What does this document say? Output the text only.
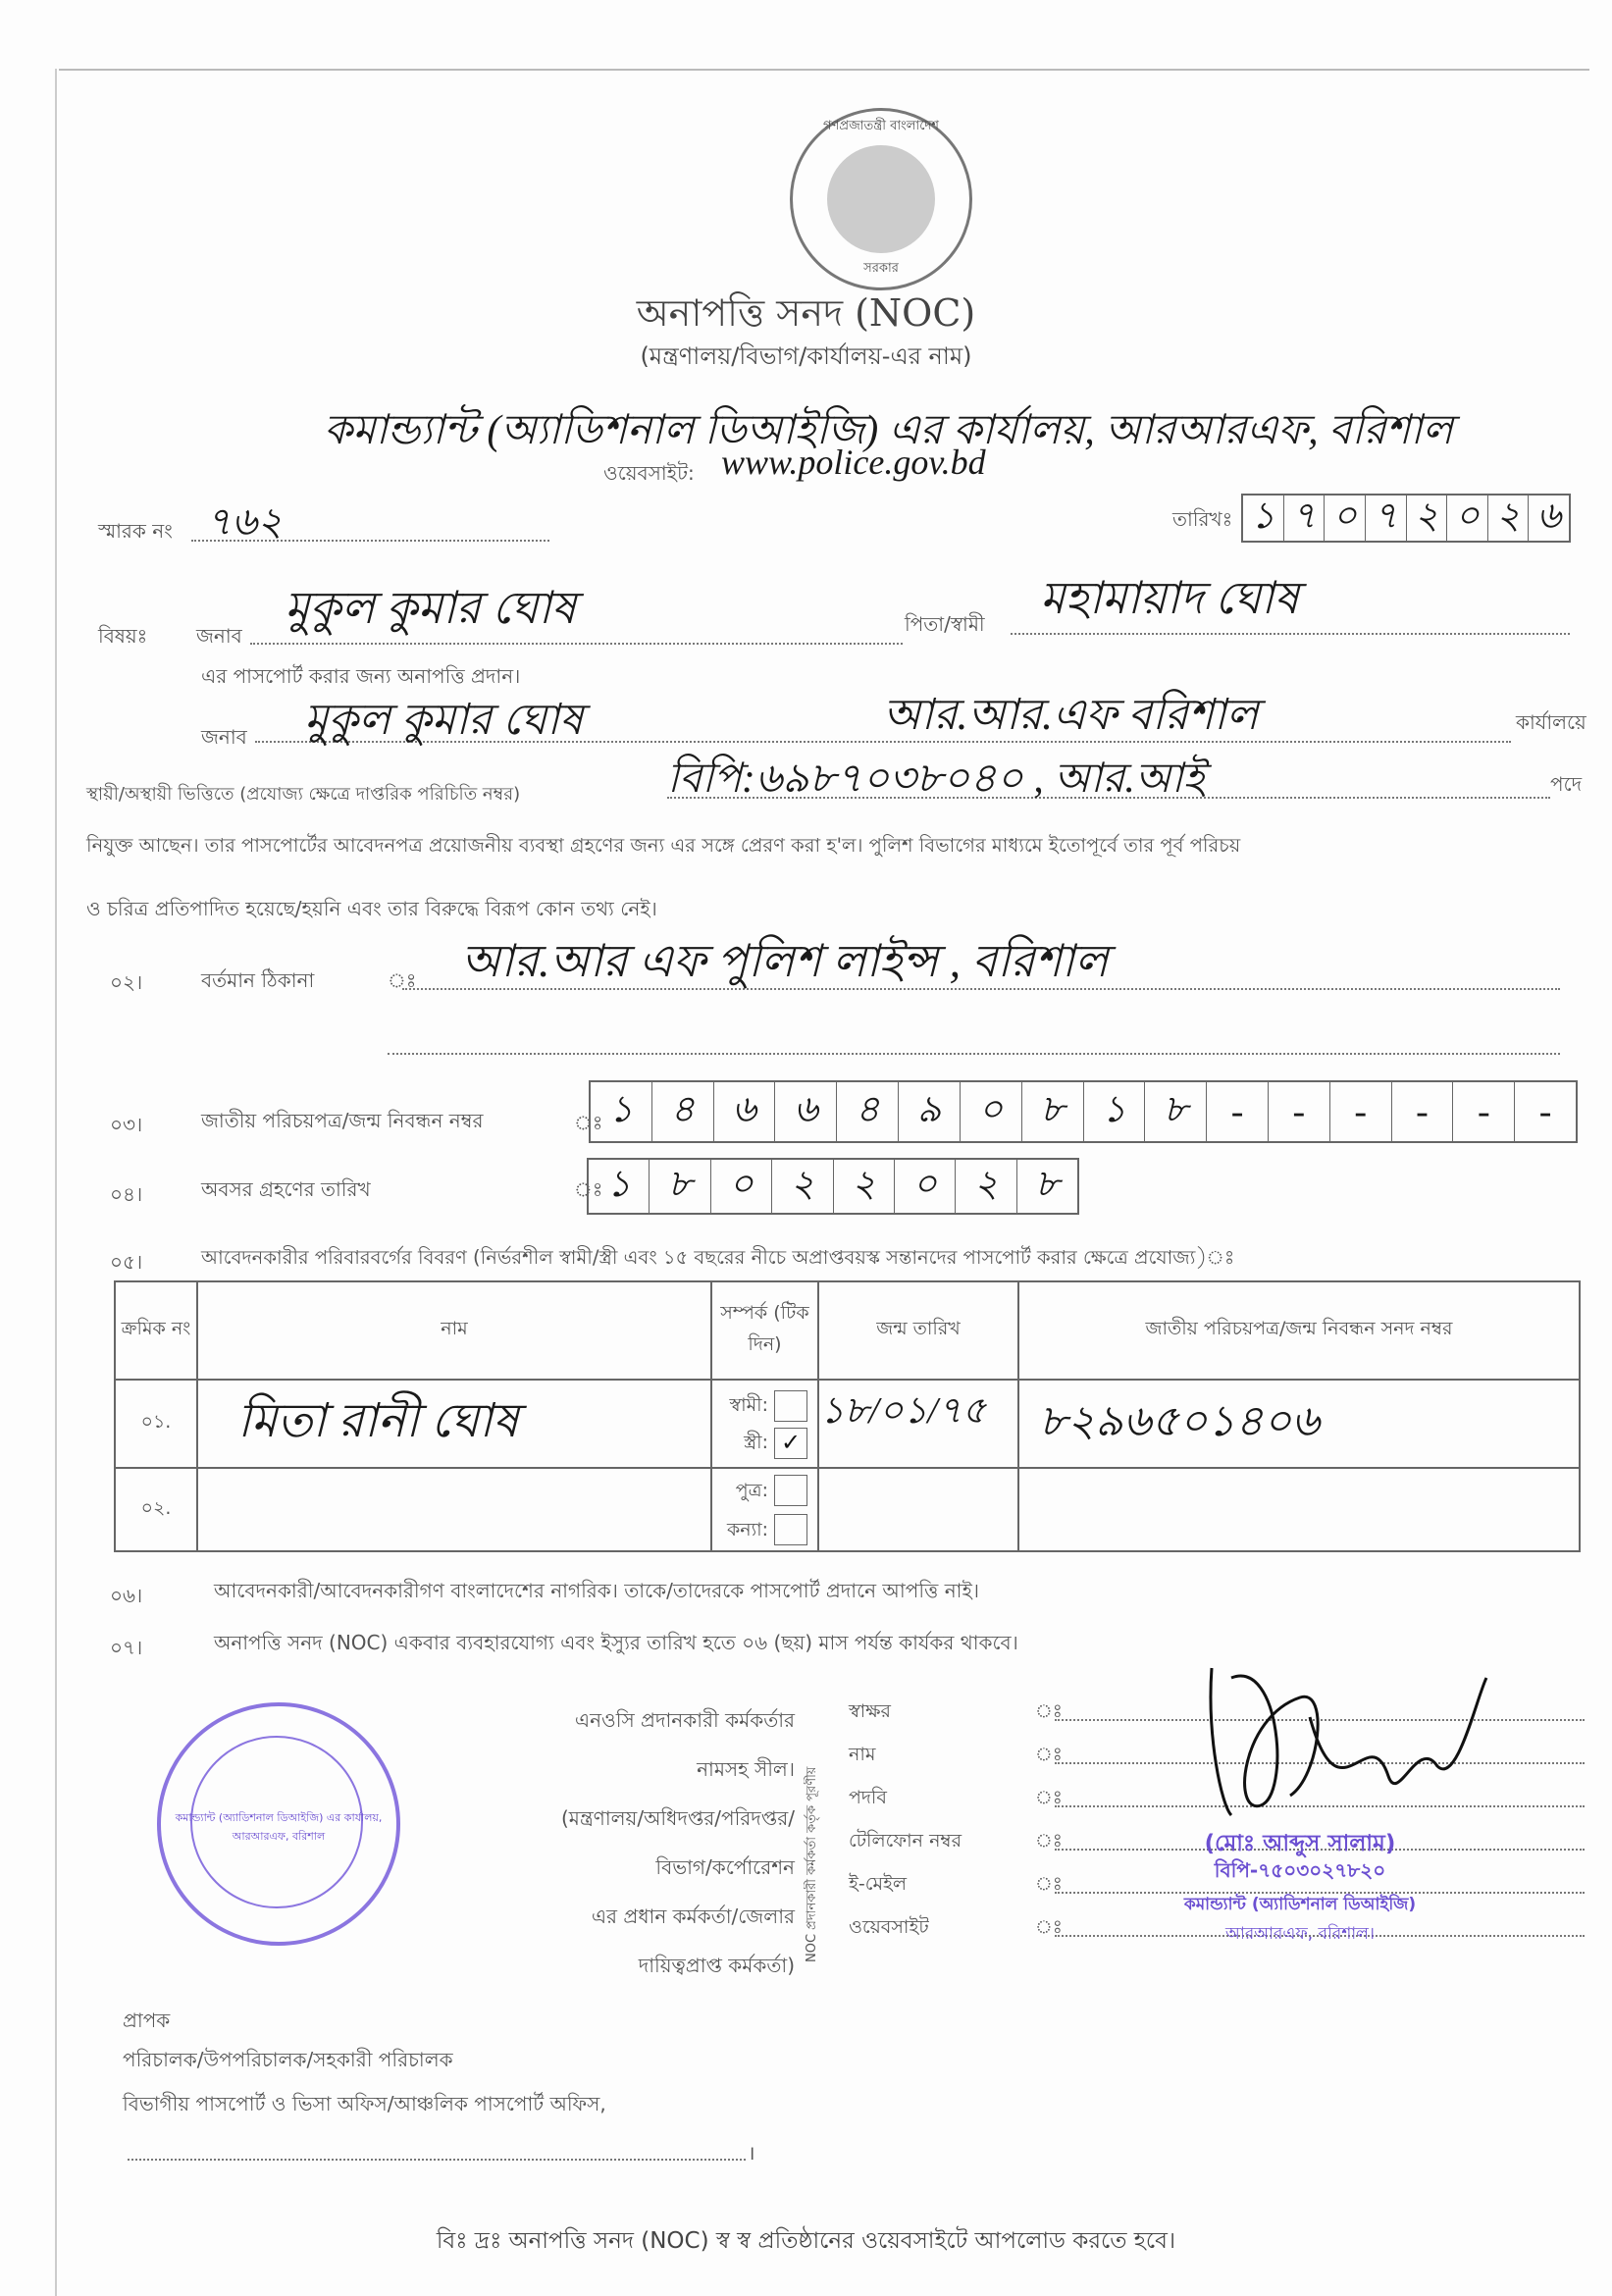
গণপ্রজাতন্ত্রী বাংলাদেশ
সরকার
অনাপত্তি সনদ (NOC)
(মন্ত্রণালয়/বিভাগ/কার্যালয়-এর নাম)
কমান্ড্যান্ট (অ্যাডিশনাল ডিআইজি) এর কার্যালয়, আরআরএফ, বরিশাল
ওয়েবসাইট: www.police.gov.bd
স্মারক নং ৭৬২	তারিখঃ ১ ৭ ০ ৭ ২ ০ ২ ৬
বিষয়ঃ জনাব
মুকুল কুমার ঘোষ	পিতা/স্বামী
মহামায়াদ ঘোষ
এর পাসপোর্ট করার জন্য অনাপত্তি প্রদান।
জনাব মুকুল কুমার ঘোষ	আর.আর.এফ বরিশাল	কার্যালয়ে
স্থায়ী/অস্থায়ী ভিত্তিতে (প্রযোজ্য ক্ষেত্রে দাপ্তরিক পরিচিতি নম্বর)	বিপি:৬৯৮৭০৩৮০৪০ , আর.আই	পদে
নিযুক্ত আছেন। তার পাসপোর্টের আবেদনপত্র প্রয়োজনীয় ব্যবস্থা গ্রহণের জন্য এর সঙ্গে প্রেরণ করা হ'ল। পুলিশ বিভাগের মাধ্যমে ইতোপূর্বে তার পূর্ব পরিচয়
ও চরিত্র প্রতিপাদিত হয়েছে/হয়নি এবং তার বিরুদ্ধে বিরূপ কোন তথ্য নেই।
০২।	বর্তমান ঠিকানা	ঃ আর.আর এফ পুলিশ লাইন্স , বরিশাল
০৩।	জাতীয় পরিচয়পত্র/জন্ম নিবন্ধন নম্বর	ঃ ১	৪	৬	৬	৪	৯	০	৮	১	৮	-	-	-	-	-	-
০৪।	অবসর গ্রহণের তারিখ	ঃ ১ ৮ ০ ২ ২ ০ ২ ৮
০৫।	আবেদনকারীর পরিবারবর্গের বিবরণ (নির্ভরশীল স্বামী/স্ত্রী এবং ১৫ বছরের নীচে অপ্রাপ্তবয়স্ক সন্তানদের পাসপোর্ট করার ক্ষেত্রে প্রযোজ্য)ঃ
ক্রমিক নং	নাম	সম্পর্ক (টিক দিন)	জন্ম তারিখ	জাতীয় পরিচয়পত্র/জন্ম নিবন্ধন সনদ নম্বর
০১.	মিতা রানী ঘোষ	স্বামী:
স্ত্রী: ✓	১৮/০১/৭৫	৮২৯৬৫০১৪০৬
০২.		পুত্র:
কন্যা:		
০৬।	আবেদনকারী/আবেদনকারীগণ বাংলাদেশের নাগরিক। তাকে/তাদেরকে পাসপোর্ট প্রদানে আপত্তি নাই।
০৭।	অনাপত্তি সনদ (NOC) একবার ব্যবহারযোগ্য এবং ইস্যুর তারিখ হতে ০৬ (ছয়) মাস পর্যন্ত কার্যকর থাকবে।
কমান্ড্যান্ট (অ্যাডিশনাল ডিআইজি) এর কার্যালয়, আরআরএফ, বরিশাল
এনওসি প্রদানকারী কর্মকর্তার
নামসহ সীল।
(মন্ত্রণালয়/অধিদপ্তর/পরিদপ্তর/
বিভাগ/কর্পোরেশন
এর প্রধান কর্মকর্তা/জেলার
দায়িত্বপ্রাপ্ত কর্মকর্তা)
NOC প্রদানকারী কর্মকর্তা কর্তৃক পূরণীয়
স্বাক্ষর	ঃ
নাম	ঃ
পদবি	ঃ
টেলিফোন নম্বর	ঃ
ই-মেইল	ঃ
ওয়েবসাইট	ঃ
(মোঃ আব্দুস সালাম)
বিপি-৭৫০৩০২৭৮২০
কমান্ড্যান্ট (অ্যাডিশনাল ডিআইজি)
আরআরএফ, বরিশাল।
প্রাপক
পরিচালক/উপপরিচালক/সহকারী পরিচালক
বিভাগীয় পাসপোর্ট ও ভিসা অফিস/আঞ্চলিক পাসপোর্ট অফিস,
।
বিঃ দ্রঃ অনাপত্তি সনদ (NOC) স্ব স্ব প্রতিষ্ঠানের ওয়েবসাইটে আপলোড করতে হবে।
